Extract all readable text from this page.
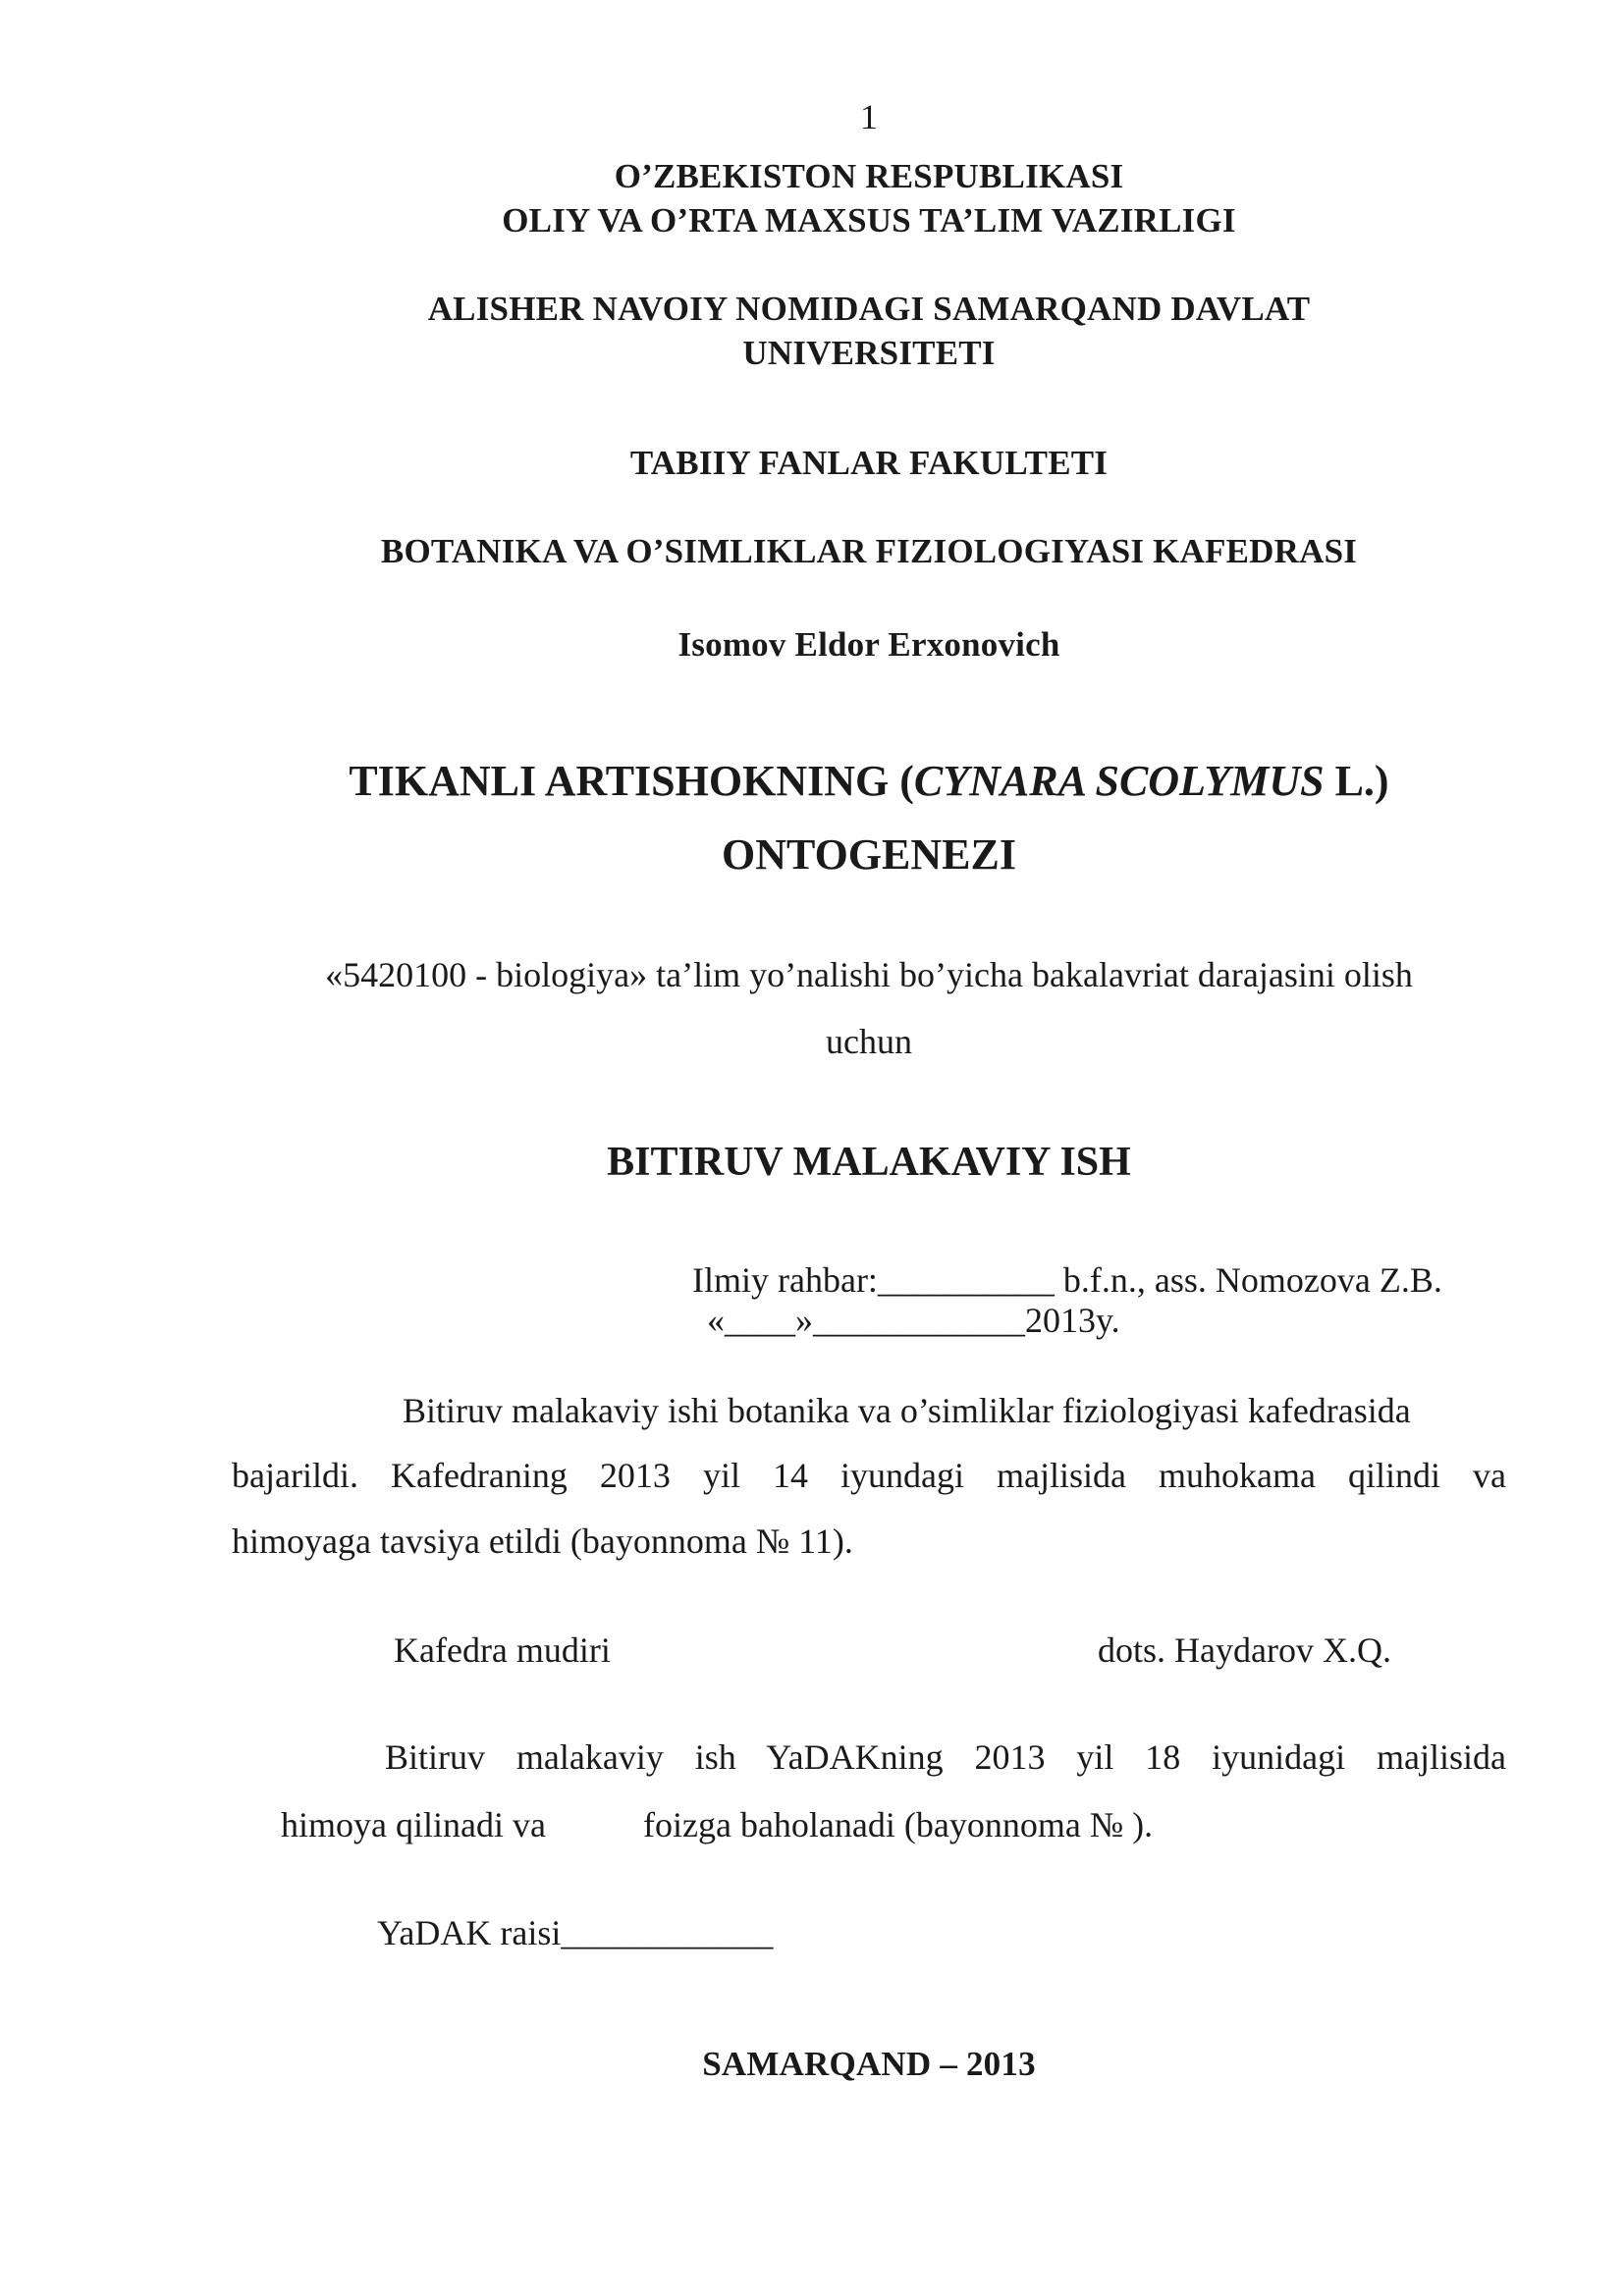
1
O’ZBEKISTON RESPUBLIKASI
OLIY VA O’RTA MAXSUS TA’LIM VAZIRLIGI
ALISHER NAVOIY NOMIDAGI SAMARQAND DAVLAT
UNIVERSITETI
TABIIY FANLAR FAKULTETI
BOTANIKA VA O’SIMLIKLAR FIZIOLOGIYASI KAFEDRASI
Isomov Eldor Erxonovich
TIKANLI ARTISHOKNING (CYNARA SCOLYMUS L.)
ONTOGENEZI
«5420100 - biologiya» ta’lim yo’nalishi bo’yicha bakalavriat darajasini olish
uchun
BITIRUV MALAKAVIY ISH
Ilmiy rahbar:__________ b.f.n., ass. Nomozova Z.B.
«____»____________2013y.
Bitiruv malakaviy ishi botanika va o’simliklar fiziologiyasi kafedrasida
bajarildi. Kafedraning 2013 yil 14 iyundagi majlisida muhokama qilindi va
himoyaga tavsiya etildi (bayonnoma № 11).
Kafedra mudiri	dots. Haydarov X.Q.
Bitiruv malakaviy ish YaDAKning 2013 yil 18 iyunidagi majlisida
himoya qilinadi va	foizga baholanadi (bayonnoma № ).
YaDAK raisi____________
SAMARQAND – 2013
